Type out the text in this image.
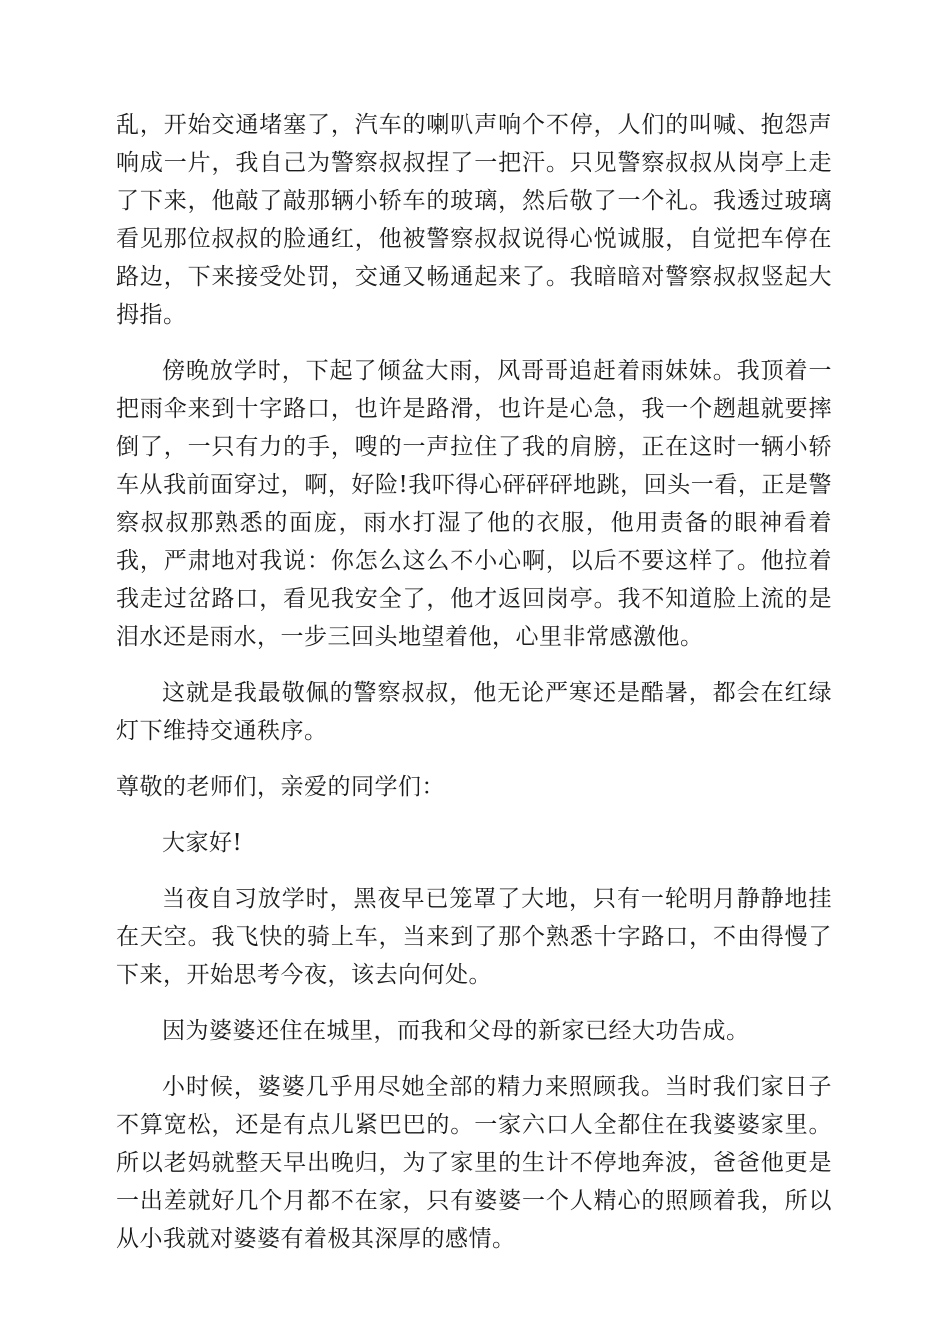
乱，开始交通堵塞了，汽车的喇叭声响个不停，人们的叫喊、抱怨声响成一片，我自己为警察叔叔捏了一把汗。只见警察叔叔从岗亭上走了下来，他敲了敲那辆小轿车的玻璃，然后敬了一个礼。我透过玻璃看见那位叔叔的脸通红，他被警察叔叔说得心悦诚服，自觉把车停在路边，下来接受处罚，交通又畅通起来了。我暗暗对警察叔叔竖起大拇指。

傍晚放学时，下起了倾盆大雨，风哥哥追赶着雨妹妹。我顶着一把雨伞来到十字路口，也许是路滑，也许是心急，我一个趔趄就要摔倒了，一只有力的手，嗖的一声拉住了我的肩膀，正在这时一辆小轿车从我前面穿过，啊，好险!我吓得心砰砰砰地跳，回头一看，正是警察叔叔那熟悉的面庞，雨水打湿了他的衣服，他用责备的眼神看着我，严肃地对我说：你怎么这么不小心啊，以后不要这样了。他拉着我走过岔路口，看见我安全了，他才返回岗亭。我不知道脸上流的是泪水还是雨水，一步三回头地望着他，心里非常感激他。

这就是我最敬佩的警察叔叔，他无论严寒还是酷暑，都会在红绿灯下维持交通秩序。

尊敬的老师们，亲爱的同学们：

大家好!

当夜自习放学时，黑夜早已笼罩了大地，只有一轮明月静静地挂在天空。我飞快的骑上车，当来到了那个熟悉十字路口，不由得慢了下来，开始思考今夜，该去向何处。

因为婆婆还住在城里，而我和父母的新家已经大功告成。

小时候，婆婆几乎用尽她全部的精力来照顾我。当时我们家日子不算宽松，还是有点儿紧巴巴的。一家六口人全都住在我婆婆家里。所以老妈就整天早出晚归，为了家里的生计不停地奔波，爸爸他更是一出差就好几个月都不在家，只有婆婆一个人精心的照顾着我，所以从小我就对婆婆有着极其深厚的感情。
